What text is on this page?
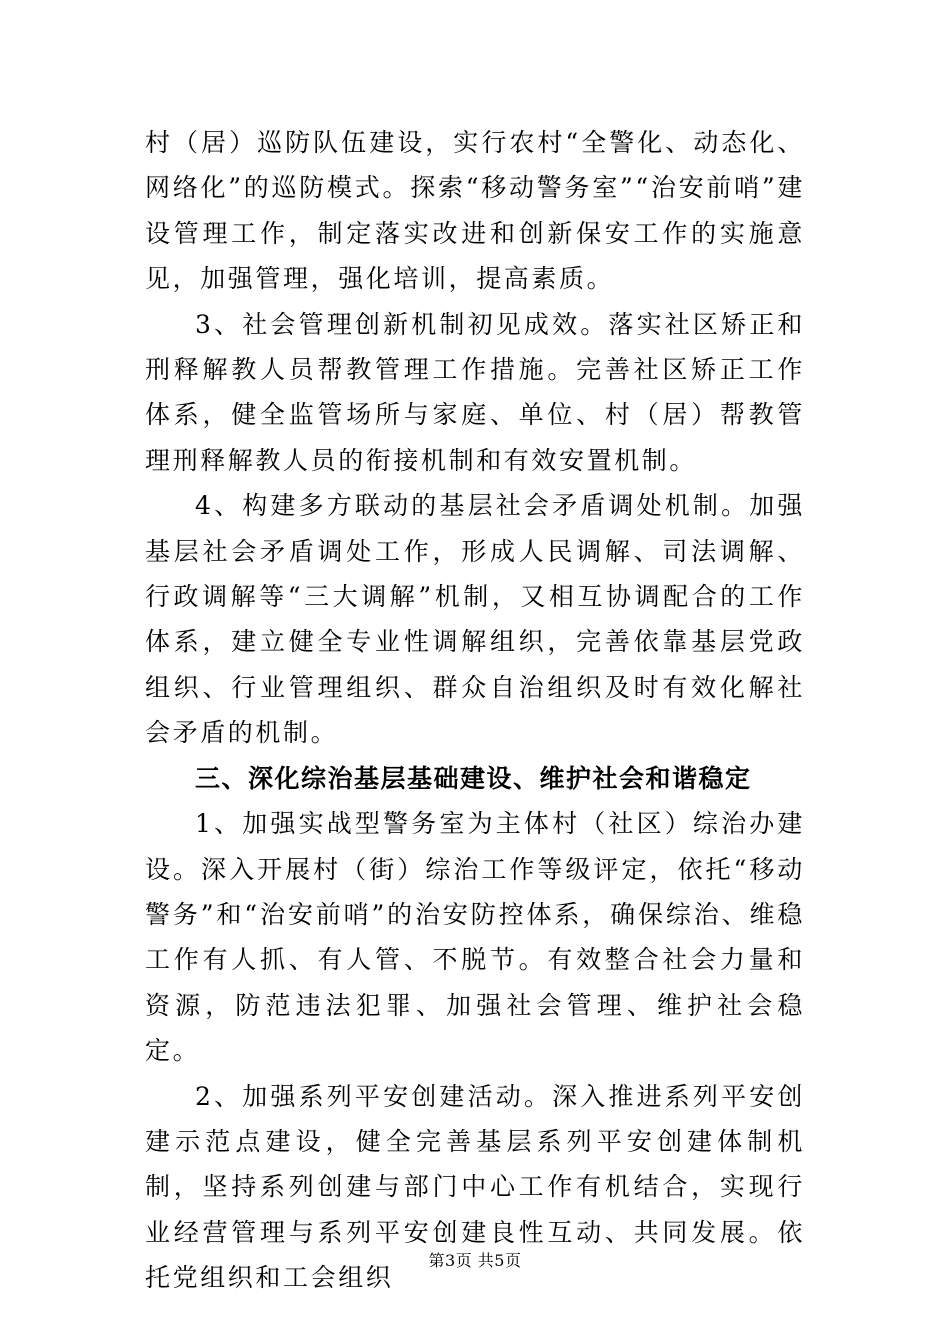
村（居）巡防队伍建设，实行农村“全警化、动态化、网络化”的巡防模式。探索“移动警务室”“治安前哨”建设管理工作，制定落实改进和创新保安工作的实施意见，加强管理，强化培训，提高素质。

3、社会管理创新机制初见成效。落实社区矫正和刑释解教人员帮教管理工作措施。完善社区矫正工作体系，健全监管场所与家庭、单位、村（居）帮教管理刑释解教人员的衔接机制和有效安置机制。

4、构建多方联动的基层社会矛盾调处机制。加强基层社会矛盾调处工作，形成人民调解、司法调解、行政调解等“三大调解”机制，又相互协调配合的工作体系，建立健全专业性调解组织，完善依靠基层党政组织、行业管理组织、群众自治组织及时有效化解社会矛盾的机制。

三、深化综治基层基础建设、维护社会和谐稳定

1、加强实战型警务室为主体村（社区）综治办建设。深入开展村（街）综治工作等级评定，依托“移动警务”和“治安前哨”的治安防控体系，确保综治、维稳工作有人抓、有人管、不脱节。有效整合社会力量和资源，防范违法犯罪、加强社会管理、维护社会稳定。

2、加强系列平安创建活动。深入推进系列平安创建示范点建设，健全完善基层系列平安创建体制机制，坚持系列创建与部门中心工作有机结合，实现行业经营管理与系列平安创建良性互动、共同发展。依托党组织和工会组织

第3页 共5页
